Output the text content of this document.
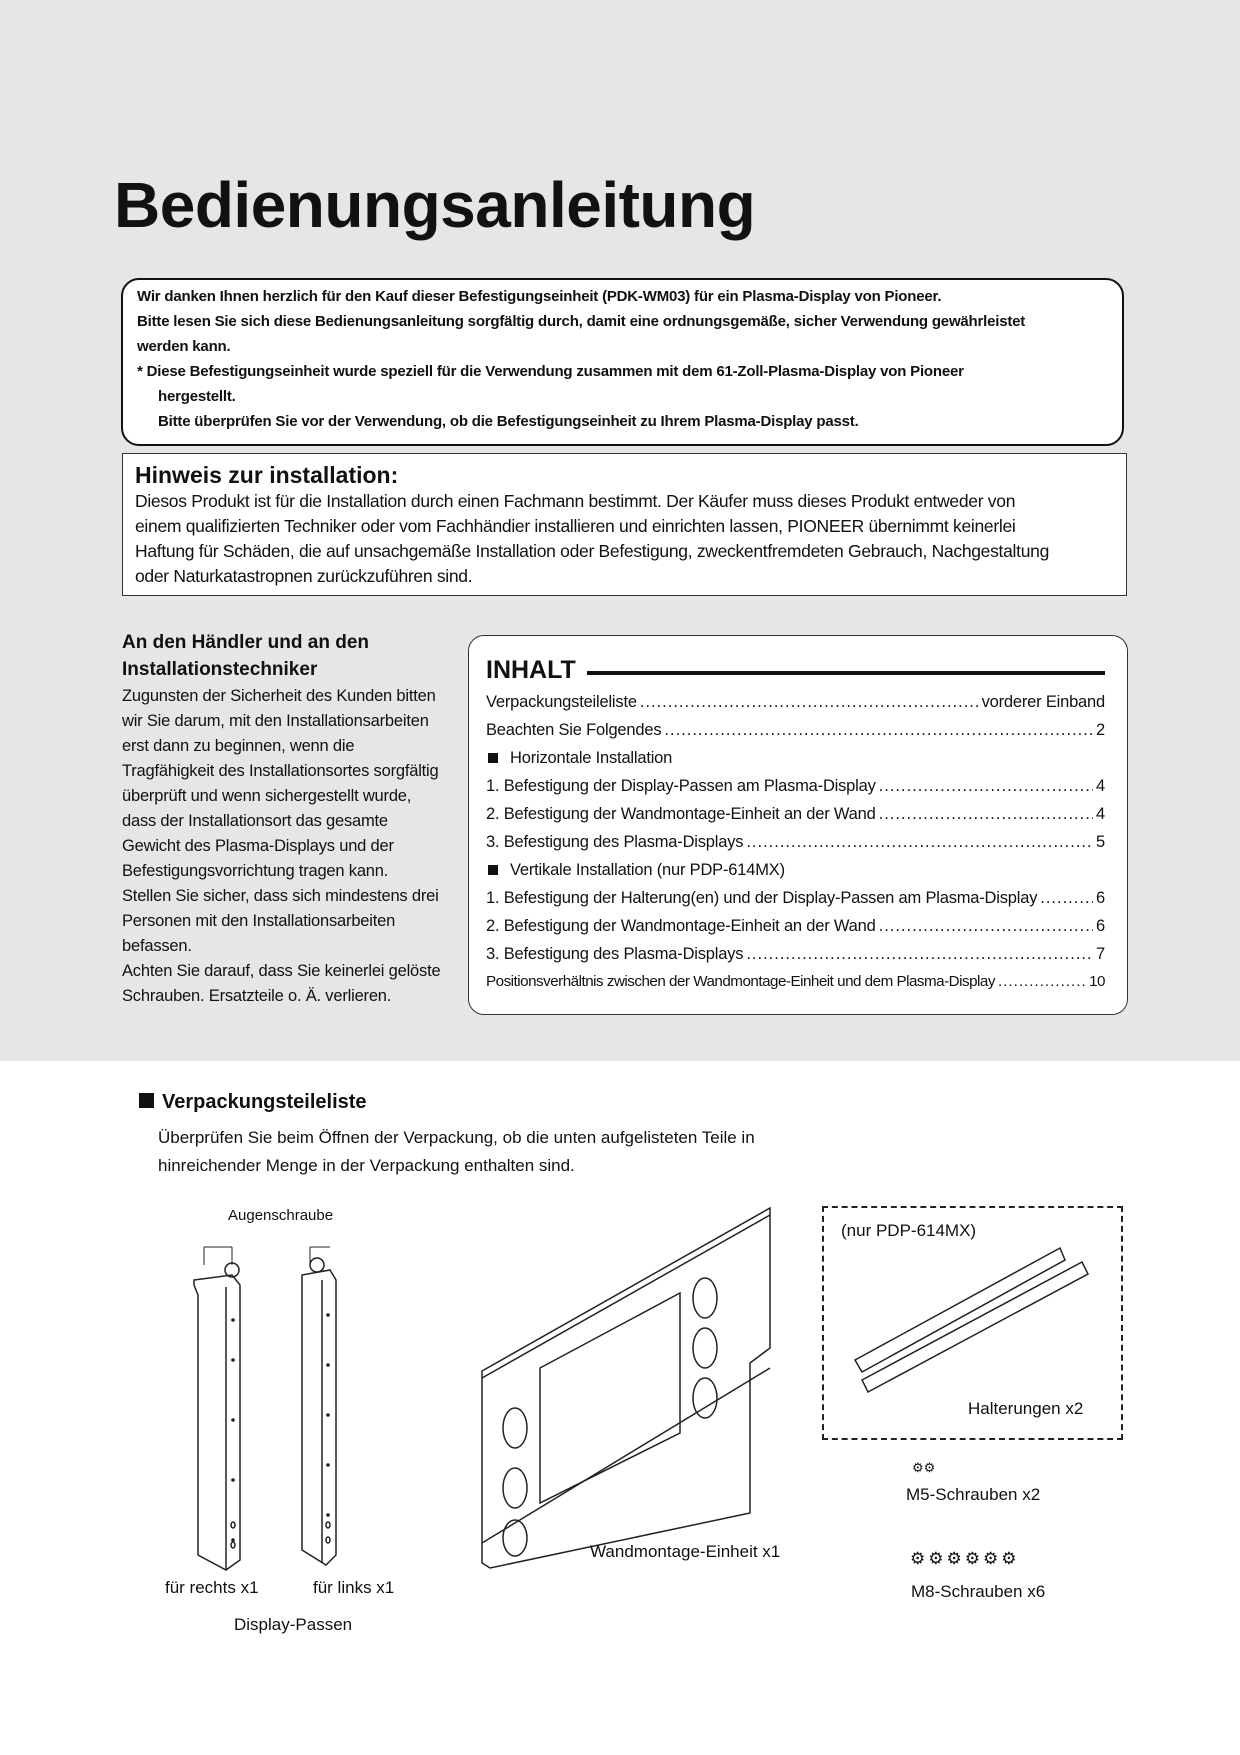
Bedienungsanleitung
Wir danken Ihnen herzlich für den Kauf dieser Befestigungseinheit (PDK-WM03) für ein Plasma-Display von Pioneer.
Bitte lesen Sie sich diese Bedienungsanleitung sorgfältig durch, damit eine ordnungsgemäße, sicher Verwendung gewährleistet
werden kann.
* Diese Befestigungseinheit wurde speziell für die Verwendung zusammen mit dem 61-Zoll-Plasma-Display von Pioneer
hergestellt.
Bitte überprüfen Sie vor der Verwendung, ob die Befestigungseinheit zu Ihrem Plasma-Display passt.
Hinweis zur installation:
Diesos Produkt ist für die Installation durch einen Fachmann bestimmt. Der Käufer muss dieses Produkt entweder von
einem qualifizierten Techniker oder vom Fachhändier installieren und einrichten lassen, PIONEER übernimmt keinerlei
Haftung für Schäden, die auf unsachgemäße Installation oder Befestigung, zweckentfremdeten Gebrauch, Nachgestaltung
oder Naturkatastropnen zurückzuführen sind.
An den Händler und an den
Installationstechniker
Zugunsten der Sicherheit des Kunden bitten
wir Sie darum, mit den Installationsarbeiten
erst dann zu beginnen, wenn die
Tragfähigkeit des Installationsortes sorgfältig
überprüft und wenn sichergestellt wurde,
dass der Installationsort das gesamte
Gewicht des Plasma-Displays und der
Befestigungsvorrichtung tragen kann.
Stellen Sie sicher, dass sich mindestens drei
Personen mit den Installationsarbeiten
befassen.
Achten Sie darauf, dass Sie keinerlei gelöste
Schrauben. Ersatzteile o. Ä. verlieren.
INHALT
Verpackungsteileliste .....	vorderer Einband
Beachten Sie Folgendes .....	2
Horizontale Installation
1. Befestigung der Display-Passen am Plasma-Display .....	4
2. Befestigung der Wandmontage-Einheit an der Wand .....	4
3. Befestigung des Plasma-Displays .....	5
Vertikale Installation (nur PDP-614MX)
1. Befestigung der Halterung(en) und der Display-Passen am Plasma-Display .....	6
2. Befestigung der Wandmontage-Einheit an der Wand .....	6
3. Befestigung des Plasma-Displays .....	7
Positionsverhältnis zwischen der Wandmontage-Einheit und dem Plasma-Display .....	10
Verpackungsteileliste
Überprüfen Sie beim Öffnen der Verpackung, ob die unten aufgelisteten Teile in
hinreichender Menge in der Verpackung enthalten sind.
Augenschraube
für rechts x1	für links x1
Display-Passen
Wandmontage-Einheit x1
(nur PDP-614MX)
Halterungen x2
⚙⚙
M5-Schrauben x2
⚙⚙⚙⚙⚙⚙
M8-Schrauben x6
